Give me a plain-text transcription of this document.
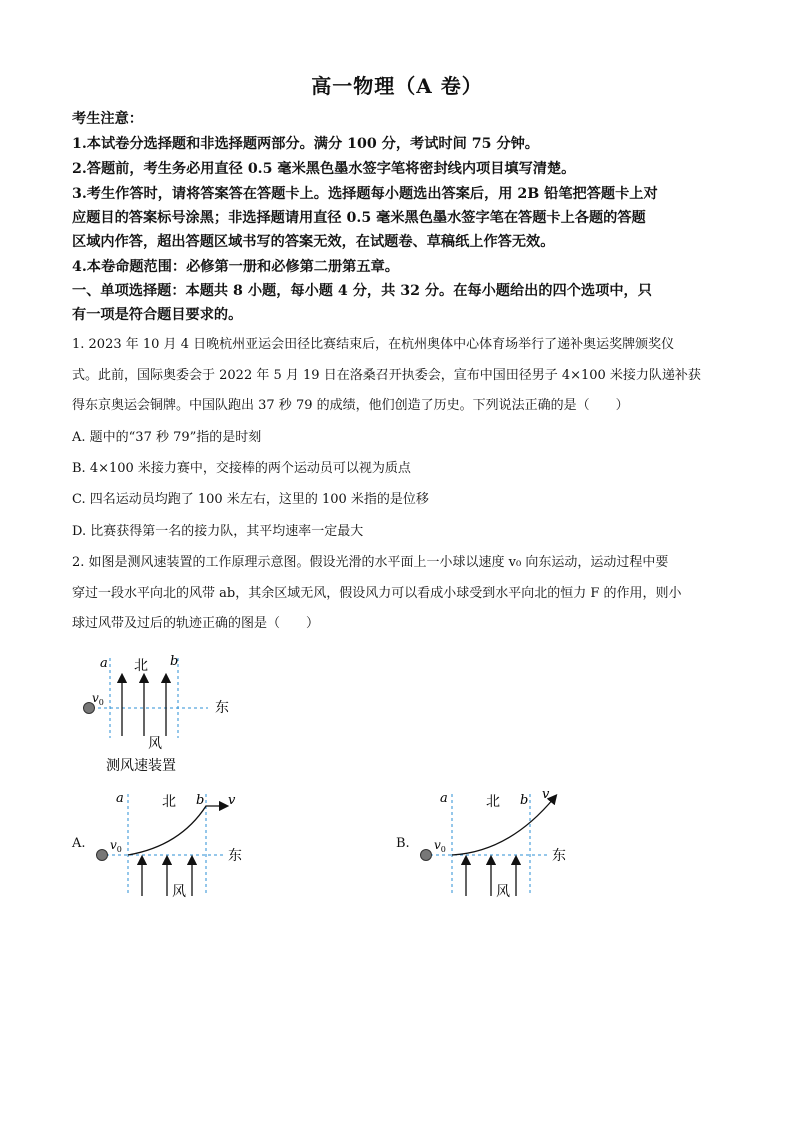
高一物理（A 卷）
考生注意：
1.本试卷分选择题和非选择题两部分。满分 100 分，考试时间 75 分钟。
2.答题前，考生务必用直径 0.5 毫米黑色墨水签字笔将密封线内项目填写清楚。
3.考生作答时，请将答案答在答题卡上。选择题每小题选出答案后，用 2B 铅笔把答题卡上对
应题目的答案标号涂黑；非选择题请用直径 0.5 毫米黑色墨水签字笔在答题卡上各题的答题
区域内作答，超出答题区域书写的答案无效，在试题卷、草稿纸上作答无效。
4.本卷命题范围：必修第一册和必修第二册第五章。
一、单项选择题：本题共 8 小题，每小题 4 分，共 32 分。在每小题给出的四个选项中，只
有一项是符合题目要求的。
1. 2023 年 10 月 4 日晚杭州亚运会田径比赛结束后，在杭州奥体中心体育场举行了递补奥运奖牌颁奖仪
式。此前，国际奥委会于 2022 年 5 月 19 日在洛桑召开执委会，宣布中国田径男子 4×100 米接力队递补获
得东京奥运会铜牌。中国队跑出 37 秒 79 的成绩，他们创造了历史。下列说法正确的是（　　）
A. 题中的“37 秒 79”指的是时刻
B. 4×100 米接力赛中，交接棒的两个运动员可以视为质点
C. 四名运动员均跑了 100 米左右，这里的 100 米指的是位移
D. 比赛获得第一名的接力队，其平均速率一定最大
2. 如图是测风速装置的工作原理示意图。假设光滑的水平面上一小球以速度 v₀ 向东运动，运动过程中要
穿过一段水平向北的风带 ab，其余区域无风，假设风力可以看成小球受到水平向北的恒力 F 的作用，则小
球过风带及过后的轨迹正确的图是（　　）
a	b
北
东
风
$v_0$
测风速装置
A.
a	b
北
东
风
$v_0$
v
B.
a	b
北
东
风
$v_0$
v
